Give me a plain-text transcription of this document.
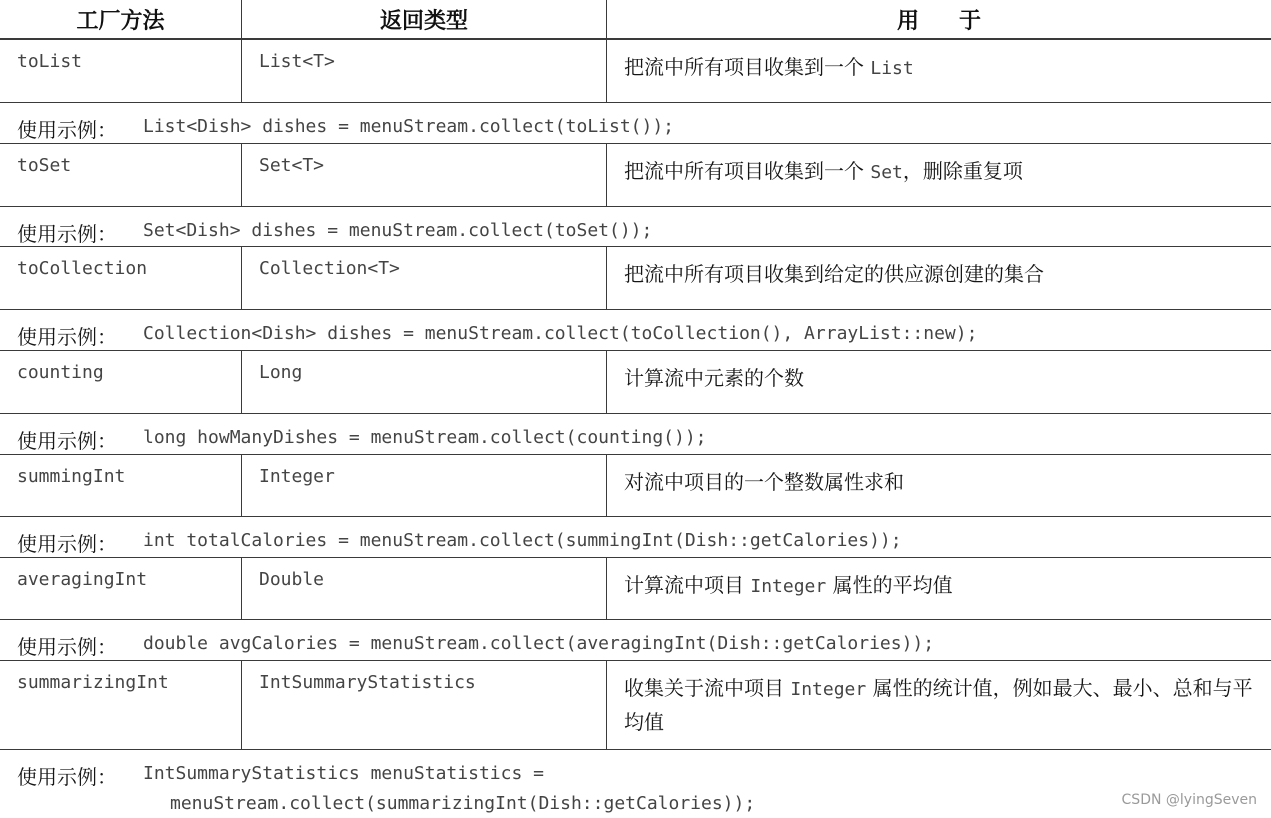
工厂方法	返回类型	用于
toList	List<T>	把流中所有项目收集到一个 List
使用示例： List<Dish> dishes = menuStream.collect(toList());
toSet	Set<T>	把流中所有项目收集到一个 Set，删除重复项
使用示例： Set<Dish> dishes = menuStream.collect(toSet());
toCollection	Collection<T>	把流中所有项目收集到给定的供应源创建的集合
使用示例： Collection<Dish> dishes = menuStream.collect(toCollection(), ArrayList::new);
counting	Long	计算流中元素的个数
使用示例： long howManyDishes = menuStream.collect(counting());
summingInt	Integer	对流中项目的一个整数属性求和
使用示例： int totalCalories = menuStream.collect(summingInt(Dish::getCalories));
averagingInt	Double	计算流中项目 Integer 属性的平均值
使用示例： double avgCalories = menuStream.collect(averagingInt(Dish::getCalories));
summarizingInt	IntSummaryStatistics	收集关于流中项目 Integer 属性的统计值，例如最大、最小、总和与平均值
使用示例： IntSummaryStatistics menuStatistics =
menuStream.collect(summarizingInt(Dish::getCalories));	CSDN @lyingSeven
